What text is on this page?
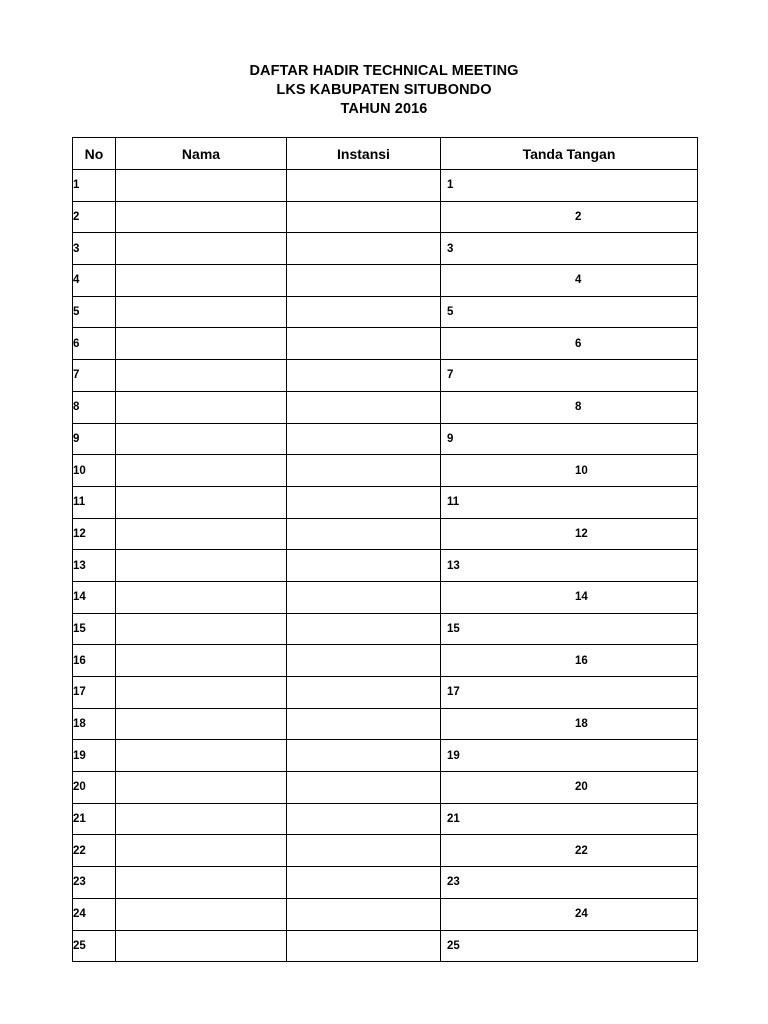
DAFTAR HADIR TECHNICAL MEETING
LKS KABUPATEN SITUBONDO
TAHUN 2016
No	Nama	Instansi	Tanda Tangan
1			1

2			2

3			3

4			4

5			5

6			6

7			7

8			8

9			9

10			10

11			11

12			12

13			13

14			14

15			15

16			16

17			17

18			18

19			19

20			20

21			21

22			22

23			23

24			24

25			25
